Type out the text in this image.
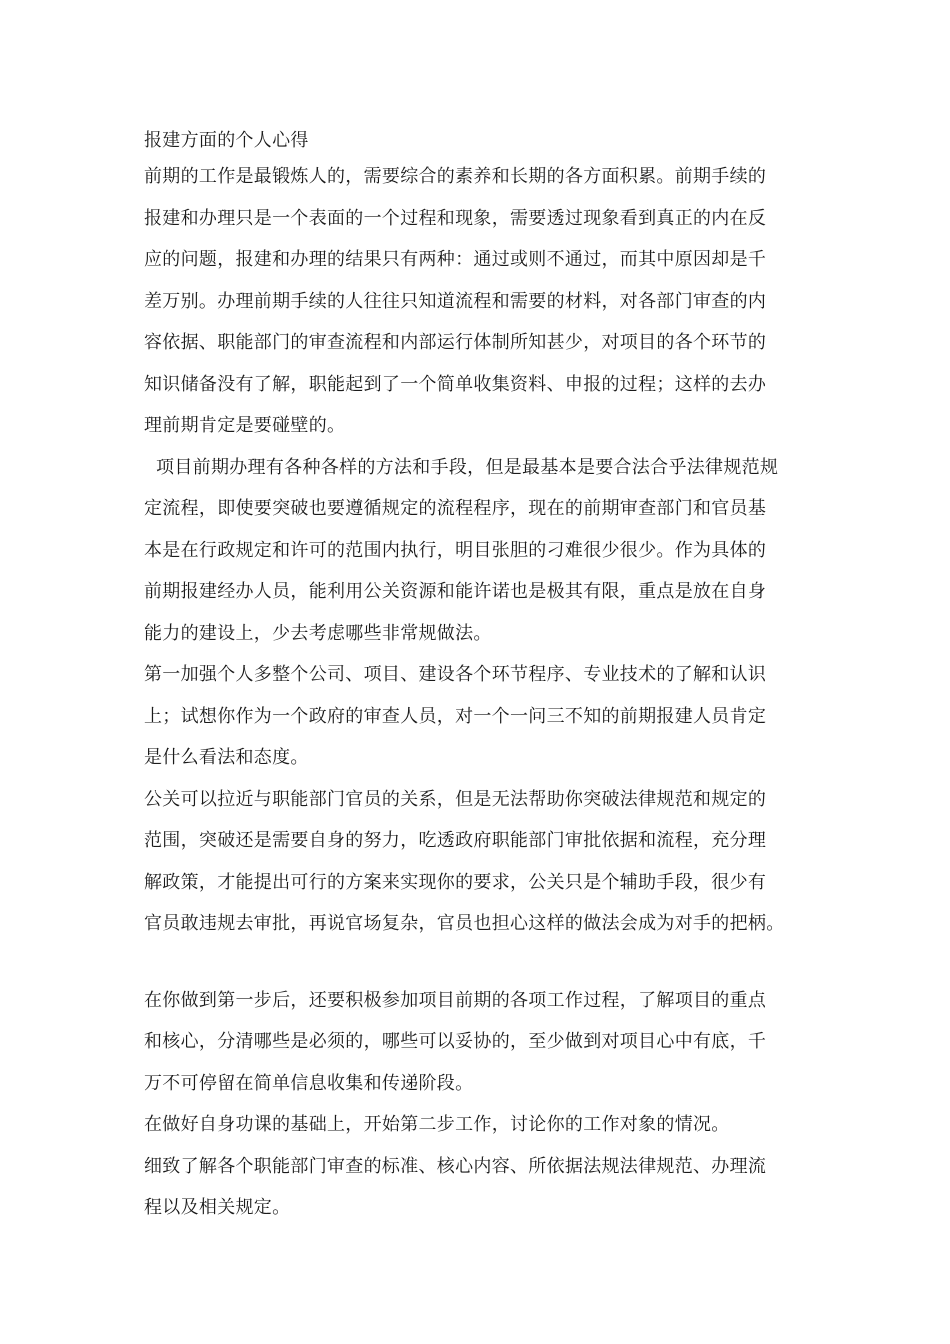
报建方面的个人心得
前期的工作是最锻炼人的，需要综合的素养和长期的各方面积累。前期手续的
报建和办理只是一个表面的一个过程和现象，需要透过现象看到真正的内在反
应的问题，报建和办理的结果只有两种：通过或则不通过，而其中原因却是千
差万别。办理前期手续的人往往只知道流程和需要的材料，对各部门审查的内
容依据、职能部门的审查流程和内部运行体制所知甚少，对项目的各个环节的
知识储备没有了解，职能起到了一个简单收集资料、申报的过程；这样的去办
理前期肯定是要碰壁的。
项目前期办理有各种各样的方法和手段，但是最基本是要合法合乎法律规范规
定流程，即使要突破也要遵循规定的流程程序，现在的前期审查部门和官员基
本是在行政规定和许可的范围内执行，明目张胆的刁难很少很少。作为具体的
前期报建经办人员，能利用公关资源和能许诺也是极其有限，重点是放在自身
能力的建设上，少去考虑哪些非常规做法。
第一加强个人多整个公司、项目、建设各个环节程序、专业技术的了解和认识
上；试想你作为一个政府的审查人员，对一个一问三不知的前期报建人员肯定
是什么看法和态度。
公关可以拉近与职能部门官员的关系，但是无法帮助你突破法律规范和规定的
范围，突破还是需要自身的努力，吃透政府职能部门审批依据和流程，充分理
解政策，才能提出可行的方案来实现你的要求，公关只是个辅助手段，很少有
官员敢违规去审批，再说官场复杂，官员也担心这样的做法会成为对手的把柄。
在你做到第一步后，还要积极参加项目前期的各项工作过程，了解项目的重点
和核心，分清哪些是必须的，哪些可以妥协的，至少做到对项目心中有底，千
万不可停留在简单信息收集和传递阶段。
在做好自身功课的基础上，开始第二步工作，讨论你的工作对象的情况。
细致了解各个职能部门审查的标准、核心内容、所依据法规法律规范、办理流
程以及相关规定。
